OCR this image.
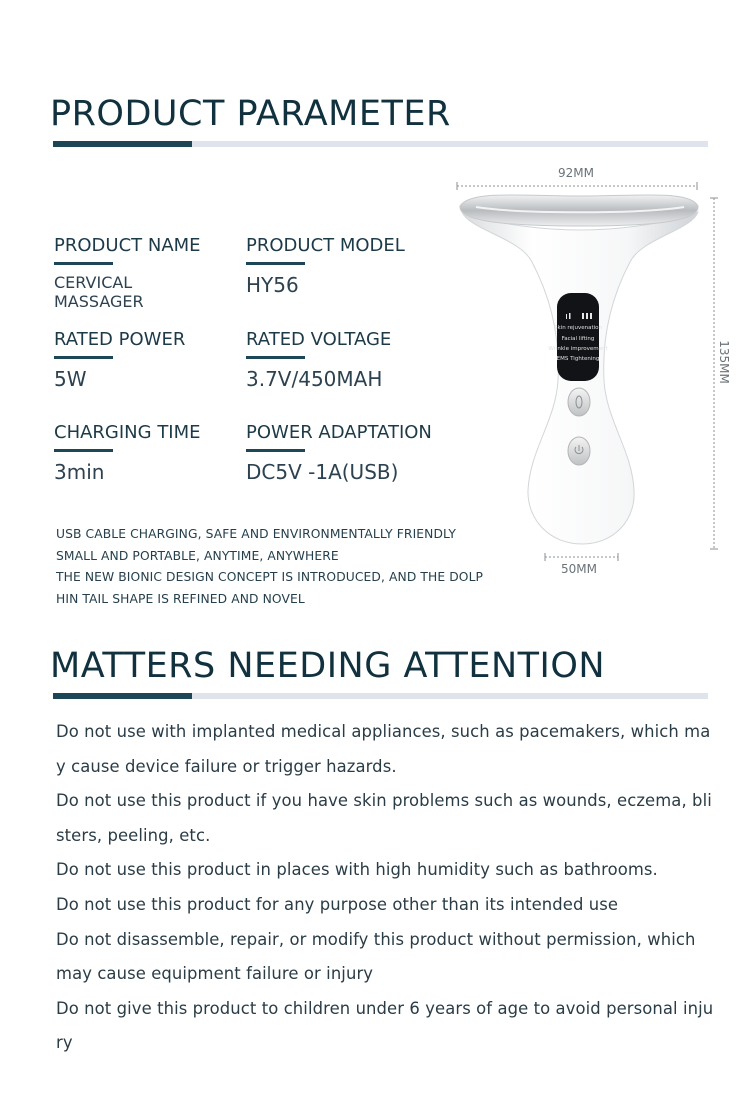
PRODUCT PARAMETER
PRODUCT NAME
CERVICAL
MASSAGER
PRODUCT MODEL
HY56
RATED POWER
5W
RATED VOLTAGE
3.7V/450MAH
CHARGING TIME
3min
POWER ADAPTATION
DC5V -1A(USB)
USB CABLE CHARGING, SAFE AND ENVIRONMENTALLY FRIENDLY
SMALL AND PORTABLE, ANYTIME, ANYWHERE
THE NEW BIONIC DESIGN CONCEPT IS INTRODUCED, AND THE DOLP
HIN TAIL SHAPE IS REFINED AND NOVEL
92MM
50MM
135MM
Skin rejuvenation
Facial lifting
Wrinkle improvement
EMS Tightening
MATTERS NEEDING ATTENTION
Do not use with implanted medical appliances, such as pacemakers, which ma
y cause device failure or trigger hazards.
Do not use this product if you have skin problems such as wounds, eczema, bli
sters, peeling, etc.
Do not use this product in places with high humidity such as bathrooms.
Do not use this product for any purpose other than its intended use
Do not disassemble, repair, or modify this product without permission, which
may cause equipment failure or injury
Do not give this product to children under 6 years of age to avoid personal inju
ry
